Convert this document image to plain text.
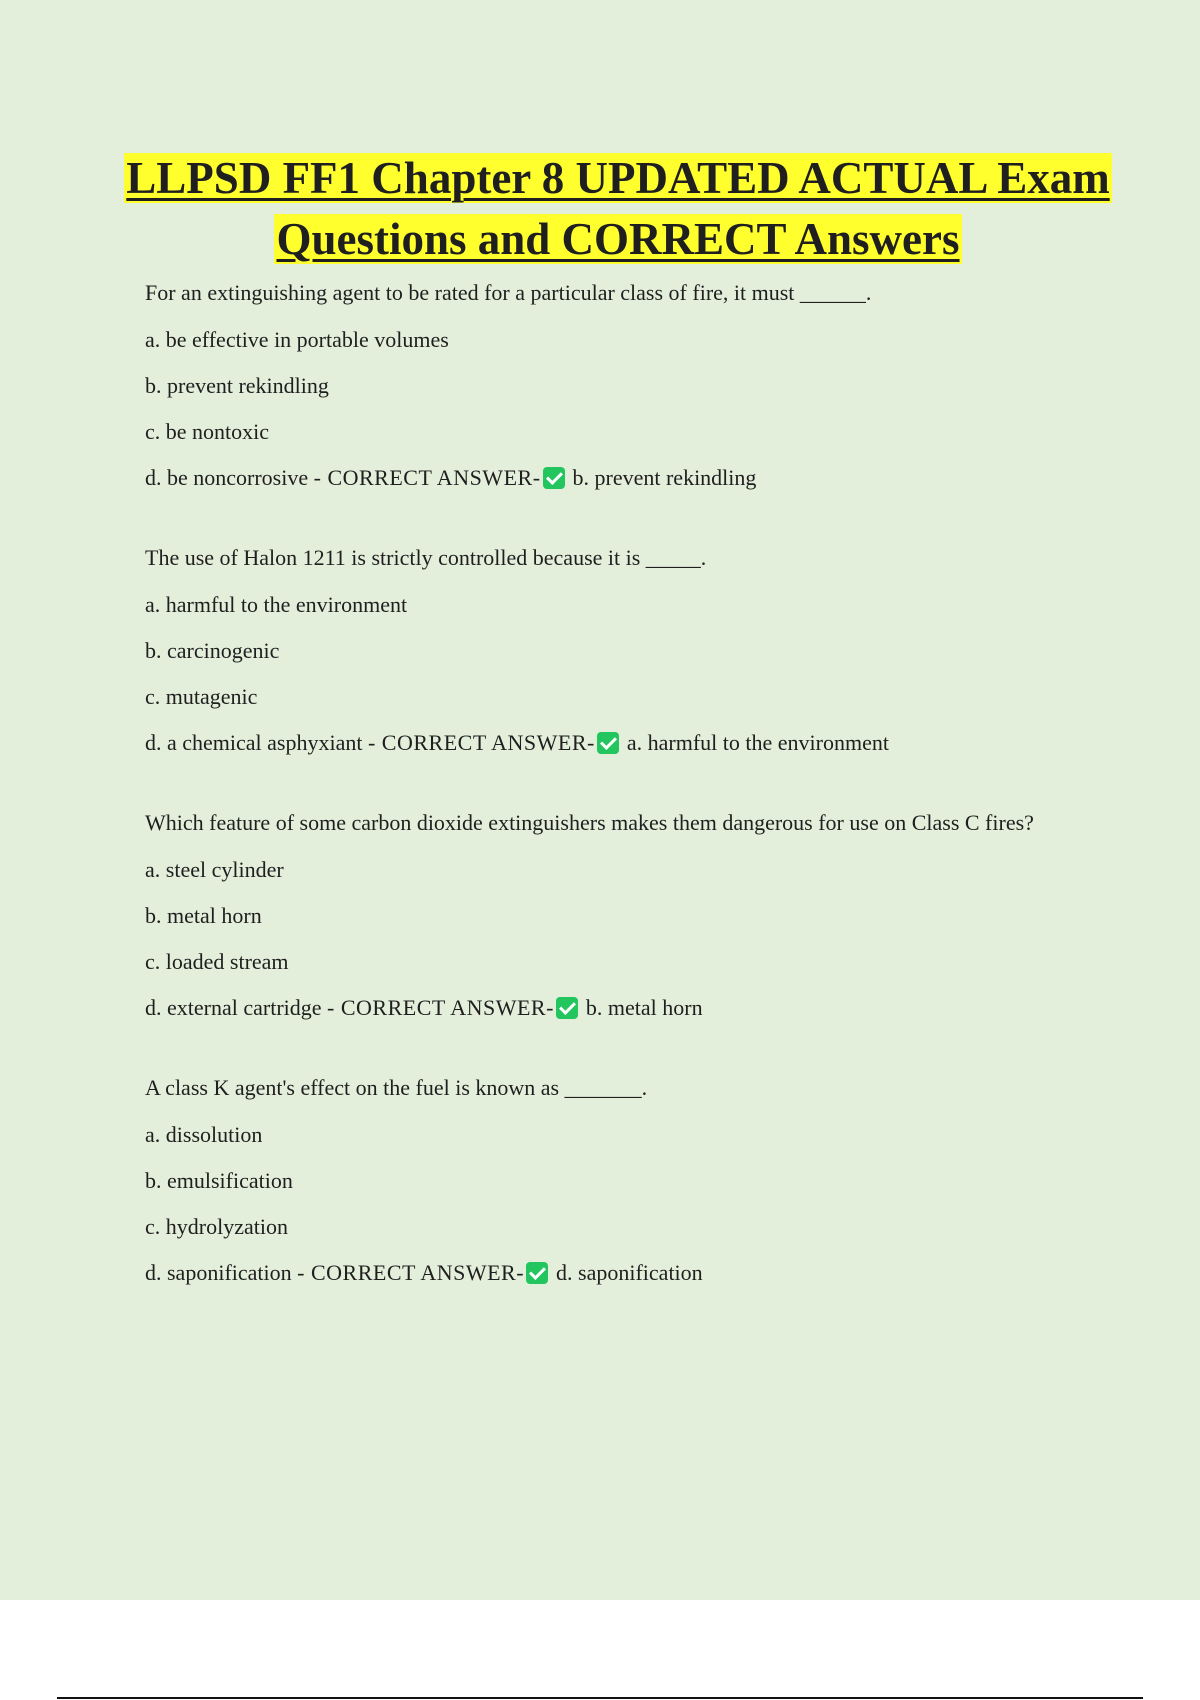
LLPSD FF1 Chapter 8 UPDATED ACTUAL Exam Questions and CORRECT Answers

For an extinguishing agent to be rated for a particular class of fire, it must ______.

a. be effective in portable volumes

b. prevent rekindling

c. be nontoxic

d. be noncorrosive - CORRECT ANSWER- b. prevent rekindling

The use of Halon 1211 is strictly controlled because it is _____.

a. harmful to the environment

b. carcinogenic

c. mutagenic

d. a chemical asphyxiant - CORRECT ANSWER- a. harmful to the environment

Which feature of some carbon dioxide extinguishers makes them dangerous for use on Class C fires?

a. steel cylinder

b. metal horn

c. loaded stream

d. external cartridge - CORRECT ANSWER- b. metal horn

A class K agent's effect on the fuel is known as _______.

a. dissolution

b. emulsification

c. hydrolyzation

d. saponification - CORRECT ANSWER- d. saponification
